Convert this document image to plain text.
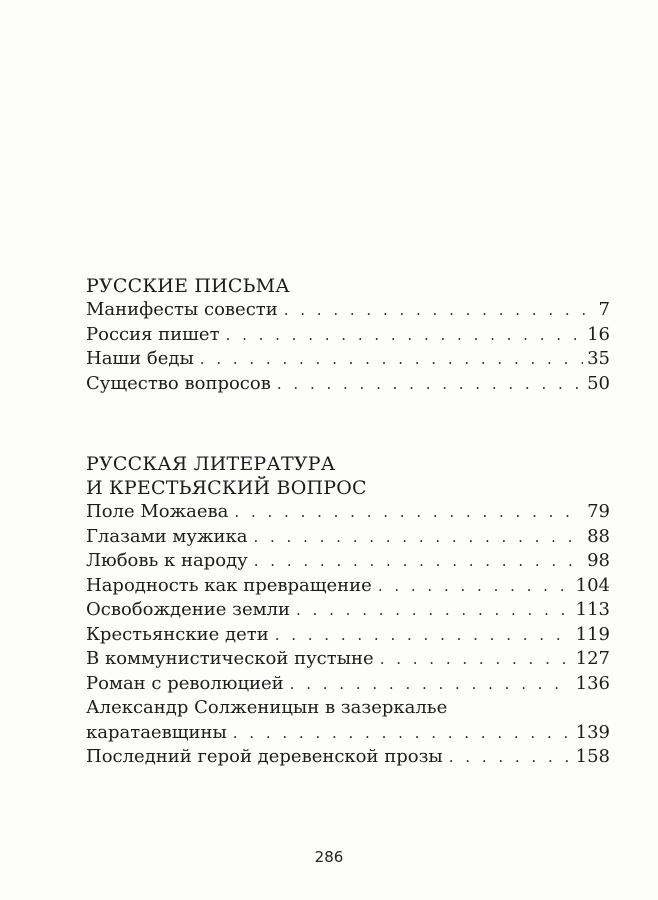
РУССКИЕ ПИСЬМА
Манифесты совести . . .	7
Россия пишет . . .	16
Наши беды . . .	35
Существо вопросов . . .	50
РУССКАЯ ЛИТЕРАТУРА
И КРЕСТЬЯСКИЙ ВОПРОС
Поле Можаева . . .	79
Глазами мужика . . .	88
Любовь к народу . . .	98
Народность как превращение . . .	104
Освобождение земли . . .	113
Крестьянские дети . . .	119
В коммунистической пустыне . . .	127
Роман с революцией . . .	136
Александр Солженицын в зазеркалье
каратаевщины . . .	139
Последний герой деревенской прозы . . .	158
286
